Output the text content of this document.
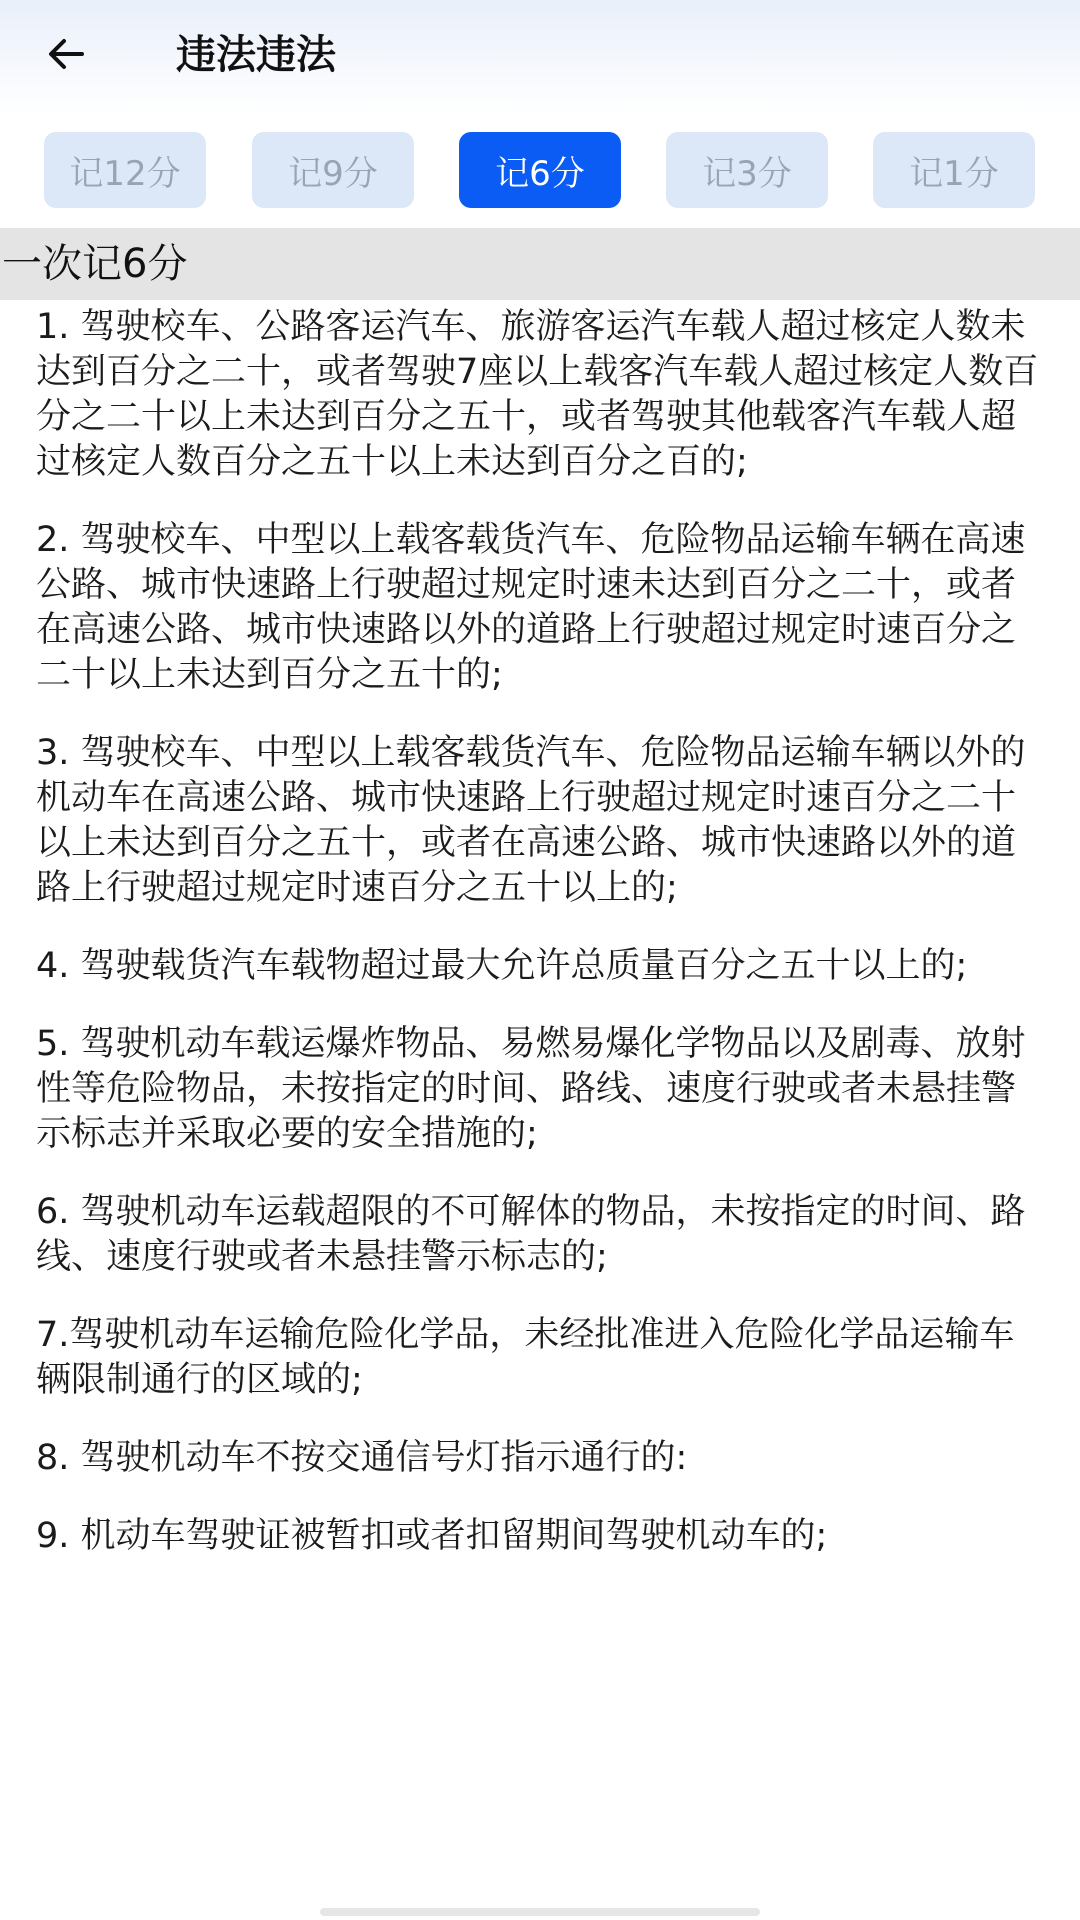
违法违法
记12分	记9分	记6分	记3分	记1分
一次记6分

1. 驾驶校车、公路客运汽车、旅游客运汽车载人超过核定人数未达到百分之二十，或者驾驶7座以上载客汽车载人超过核定人数百分之二十以上未达到百分之五十，或者驾驶其他载客汽车载人超过核定人数百分之五十以上未达到百分之百的;

2. 驾驶校车、中型以上载客载货汽车、危险物品运输车辆在高速公路、城市快速路上行驶超过规定时速未达到百分之二十，或者在高速公路、城市快速路以外的道路上行驶超过规定时速百分之二十以上未达到百分之五十的;

3. 驾驶校车、中型以上载客载货汽车、危险物品运输车辆以外的机动车在高速公路、城市快速路上行驶超过规定时速百分之二十以上未达到百分之五十，或者在高速公路、城市快速路以外的道路上行驶超过规定时速百分之五十以上的;

4. 驾驶载货汽车载物超过最大允许总质量百分之五十以上的;

5. 驾驶机动车载运爆炸物品、易燃易爆化学物品以及剧毒、放射性等危险物品，未按指定的时间、路线、速度行驶或者未悬挂警示标志并采取必要的安全措施的;

6. 驾驶机动车运载超限的不可解体的物品，未按指定的时间、路线、速度行驶或者未悬挂警示标志的;

7.驾驶机动车运输危险化学品，未经批准进入危险化学品运输车辆限制通行的区域的;

8. 驾驶机动车不按交通信号灯指示通行的:

9. 机动车驾驶证被暂扣或者扣留期间驾驶机动车的;
